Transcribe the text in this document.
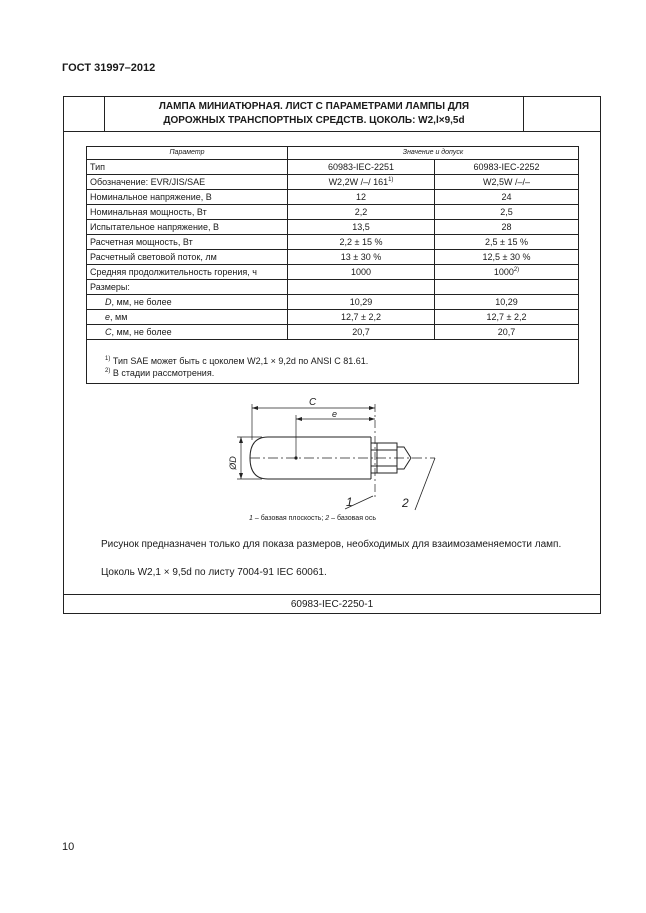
ГОСТ 31997–2012
ЛАМПА МИНИАТЮРНАЯ. ЛИСТ С ПАРАМЕТРАМИ ЛАМПЫ ДЛЯ
ДОРОЖНЫХ ТРАНСПОРТНЫХ СРЕДСТВ. ЦОКОЛЬ: W2,l×9,5d
Параметр	Значение и допуск	
Тип	60983-IEC-2251	60983-IEC-2252
Обозначение: EVR/JIS/SAE	W2,2W /–/ 161$^{1)}$	W2,5W /–/–
Номинальное напряжение, В	12	24
Номинальная мощность, Вт	2,2	2,5
Испытательное напряжение, В	13,5	28
Расчетная мощность, Вт	2,2 ± 15 %	2,5 ± 15 %
Расчетный световой поток, лм	13 ± 30 %	12,5 ± 30 %
Средняя продолжительность горения, ч	1000	1000$^{2)}$
Размеры:		
D, мм, не более	10,29	10,29
e, мм	12,7 ± 2,2	12,7 ± 2,2
C, мм, не более	20,7	20,7
$^{1)}$ Тип SAE может быть с цоколем W2,1 × 9,2d по ANSI C 81.61.
$^{2)}$ В стадии рассмотрения.
1 – базовая плоскость; 2 – базовая ось
Рисунок предназначен только для показа размеров, необходимых для взаимозаменяемости ламп.
Цоколь W2,1 × 9,5d по листу 7004-91 IEC 60061.
60983-IEC-2250-1
C
e
ØD
1	2
10
